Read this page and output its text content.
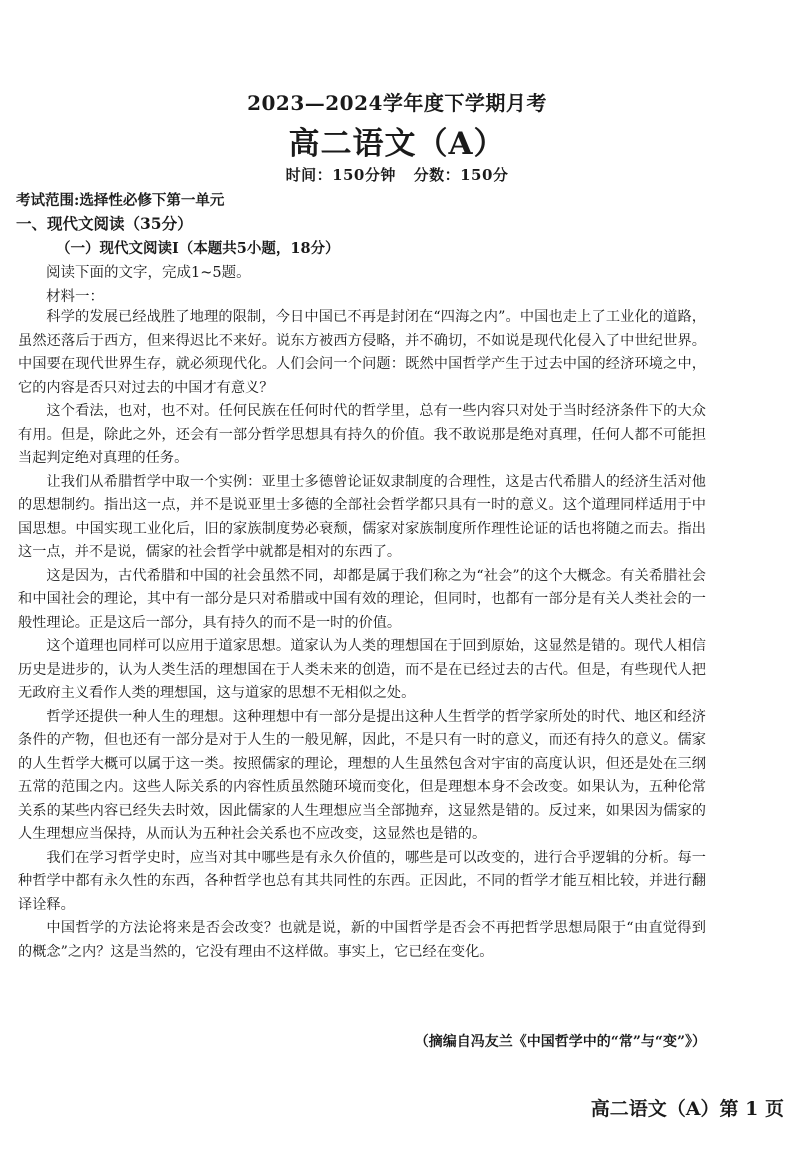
2023—2024学年度下学期月考
高二语文（A）
时间：150分钟 分数：150分
考试范围:选择性必修下第一单元
一、现代文阅读（35分）
（一）现代文阅读Ⅰ（本题共5小题，18分）
阅读下面的文字，完成1~5题。
材料一：

科学的发展已经战胜了地理的限制，今日中国已不再是封闭在“四海之内”。中国也走上了工业化的道路，虽然还落后于西方，但来得迟比不来好。说东方被西方侵略，并不确切，不如说是现代化侵入了中世纪世界。中国要在现代世界生存，就必须现代化。人们会问一个问题：既然中国哲学产生于过去中国的经济环境之中，它的内容是否只对过去的中国才有意义？

这个看法，也对，也不对。任何民族在任何时代的哲学里，总有一些内容只对处于当时经济条件下的大众有用。但是，除此之外，还会有一部分哲学思想具有持久的价值。我不敢说那是绝对真理，任何人都不可能担当起判定绝对真理的任务。

让我们从希腊哲学中取一个实例：亚里士多德曾论证奴隶制度的合理性，这是古代希腊人的经济生活对他的思想制约。指出这一点，并不是说亚里士多德的全部社会哲学都只具有一时的意义。这个道理同样适用于中国思想。中国实现工业化后，旧的家族制度势必衰颓，儒家对家族制度所作理性论证的话也将随之而去。指出这一点，并不是说，儒家的社会哲学中就都是相对的东西了。

这是因为，古代希腊和中国的社会虽然不同，却都是属于我们称之为“社会”的这个大概念。有关希腊社会和中国社会的理论，其中有一部分是只对希腊或中国有效的理论，但同时，也都有一部分是有关人类社会的一般性理论。正是这后一部分，具有持久的而不是一时的价值。

这个道理也同样可以应用于道家思想。道家认为人类的理想国在于回到原始，这显然是错的。现代人相信历史是进步的，认为人类生活的理想国在于人类未来的创造，而不是在已经过去的古代。但是，有些现代人把无政府主义看作人类的理想国，这与道家的思想不无相似之处。

哲学还提供一种人生的理想。这种理想中有一部分是提出这种人生哲学的哲学家所处的时代、地区和经济条件的产物，但也还有一部分是对于人生的一般见解，因此，不是只有一时的意义，而还有持久的意义。儒家的人生哲学大概可以属于这一类。按照儒家的理论，理想的人生虽然包含对宇宙的高度认识，但还是处在三纲五常的范围之内。这些人际关系的内容性质虽然随环境而变化，但是理想本身不会改变。如果认为，五种伦常关系的某些内容已经失去时效，因此儒家的人生理想应当全部抛弃，这显然是错的。反过来，如果因为儒家的人生理想应当保持，从而认为五种社会关系也不应改变，这显然也是错的。

我们在学习哲学史时，应当对其中哪些是有永久价值的，哪些是可以改变的，进行合乎逻辑的分析。每一种哲学中都有永久性的东西，各种哲学也总有其共同性的东西。正因此，不同的哲学才能互相比较，并进行翻译诠释。

中国哲学的方法论将来是否会改变？也就是说，新的中国哲学是否会不再把哲学思想局限于“由直觉得到的概念”之内？这是当然的，它没有理由不这样做。事实上，它已经在变化。

（摘编自冯友兰《中国哲学中的“常”与“变”》）
高二语文（A）第 1 页
